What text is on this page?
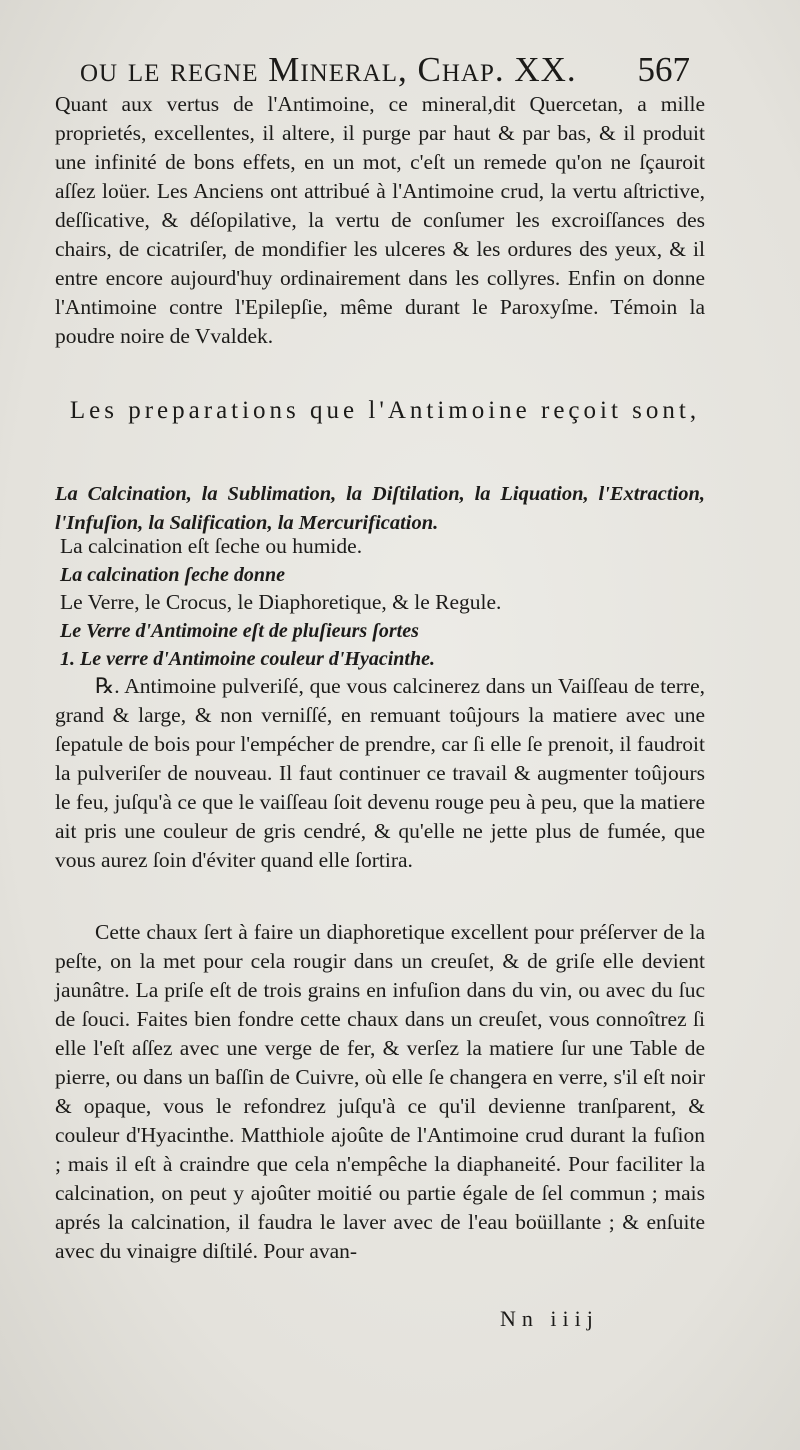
ou le regne Mineral, Chap. XX. 567

Quant aux vertus de l'Antimoine, ce mineral,dit Quercetan, a mille proprietés, excellentes, il altere, il purge par haut & par bas, & il produit une infinité de bons effets, en un mot, c'eſt un remede qu'on ne ſçauroit aſſez loüer. Les Anciens ont attribué à l'Antimoine crud, la vertu aſtrictive, deſſicative, & déſopilative, la vertu de conſumer les excroiſſances des chairs, de cicatriſer, de mondifier les ulceres & les ordures des yeux, & il entre encore aujourd'huy ordinairement dans les collyres. Enfin on donne l'Antimoine contre l'Epilepſie, même durant le Paroxyſme. Témoin la poudre noire de Vvaldek.

Les preparations que l'Antimoine reçoit sont,
La Calcination, la Sublimation, la Diſtilation, la Liquation, l'Extraction, l'Infuſion, la Salification, la Mercurification.
La calcination eſt ſeche ou humide.
La calcination ſeche donne
Le Verre, le Crocus, le Diaphoretique, & le Regule.
Le Verre d'Antimoine eſt de pluſieurs ſortes
1. Le verre d'Antimoine couleur d'Hyacinthe.

℞. Antimoine pulveriſé, que vous calcinerez dans un Vaiſſeau de terre, grand & large, & non verniſſé, en remuant toûjours la matiere avec une ſepatule de bois pour l'empécher de prendre, car ſi elle ſe prenoit, il faudroit la pulveriſer de nouveau. Il faut continuer ce travail & augmenter toûjours le feu, juſqu'à ce que le vaiſſeau ſoit devenu rouge peu à peu, que la matiere ait pris une couleur de gris cendré, & qu'elle ne jette plus de fumée, que vous aurez ſoin d'éviter quand elle ſortira.

Cette chaux ſert à faire un diaphoretique excellent pour préſerver de la peſte, on la met pour cela rougir dans un creuſet, & de griſe elle devient jaunâtre. La priſe eſt de trois grains en infuſion dans du vin, ou avec du ſuc de ſouci. Faites bien fondre cette chaux dans un creuſet, vous connoîtrez ſi elle l'eſt aſſez avec une verge de fer, & verſez la matiere ſur une Table de pierre, ou dans un baſſin de Cuivre, où elle ſe changera en verre, s'il eſt noir & opaque, vous le refondrez juſqu'à ce qu'il devienne tranſparent, & couleur d'Hyacinthe. Matthiole ajoûte de l'Antimoine crud durant la fuſion ; mais il eſt à craindre que cela n'empêche la diaphaneité. Pour faciliter la calcination, on peut y ajoûter moitié ou partie égale de ſel commun ; mais aprés la calcination, il faudra le laver avec de l'eau boüillante ; & enſuite avec du vinaigre diſtilé. Pour avan-

Nn iiij
